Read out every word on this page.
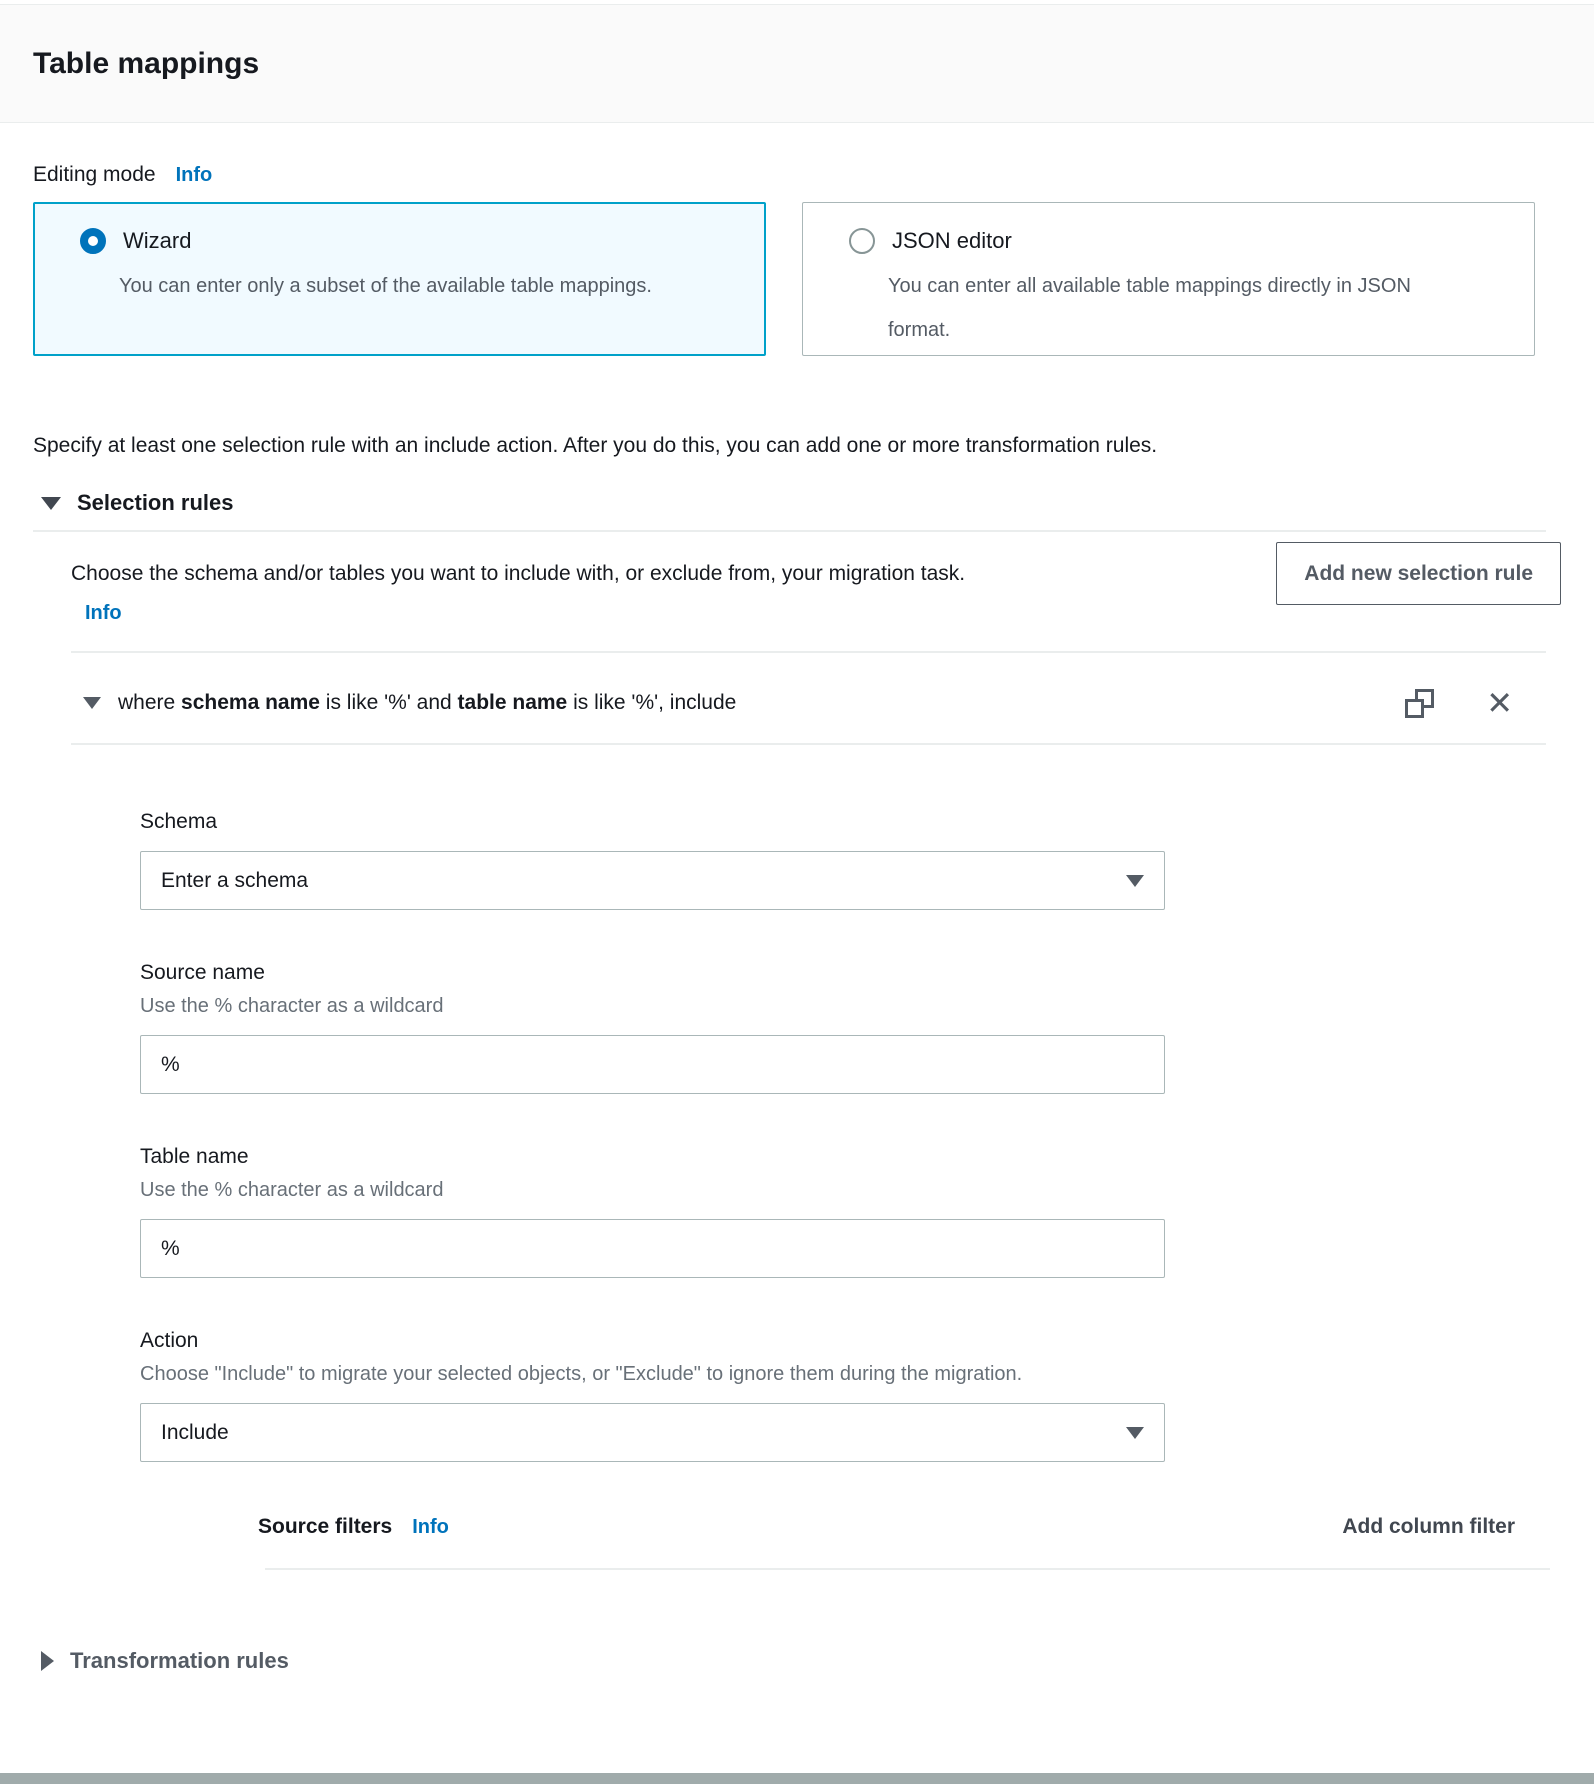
Table mappings
Editing mode Info
Wizard
You can enter only a subset of the available table mappings.
JSON editor
You can enter all available table mappings directly in JSON format.

Specify at least one selection rule with an include action. After you do this, you can add one or more transformation rules.

Selection rules
Choose the schema and/or tables you want to include with, or exclude from, your migration task. Info
Add new selection rule
where schema name is like '%' and table name is like '%', include	✕
Schema
Enter a schema
Source name
Use the % character as a wildcard
%
Table name
Use the % character as a wildcard
%
Action
Choose "Include" to migrate your selected objects, or "Exclude" to ignore them during the migration.
Include
Source filters Info	Add column filter
Transformation rules
